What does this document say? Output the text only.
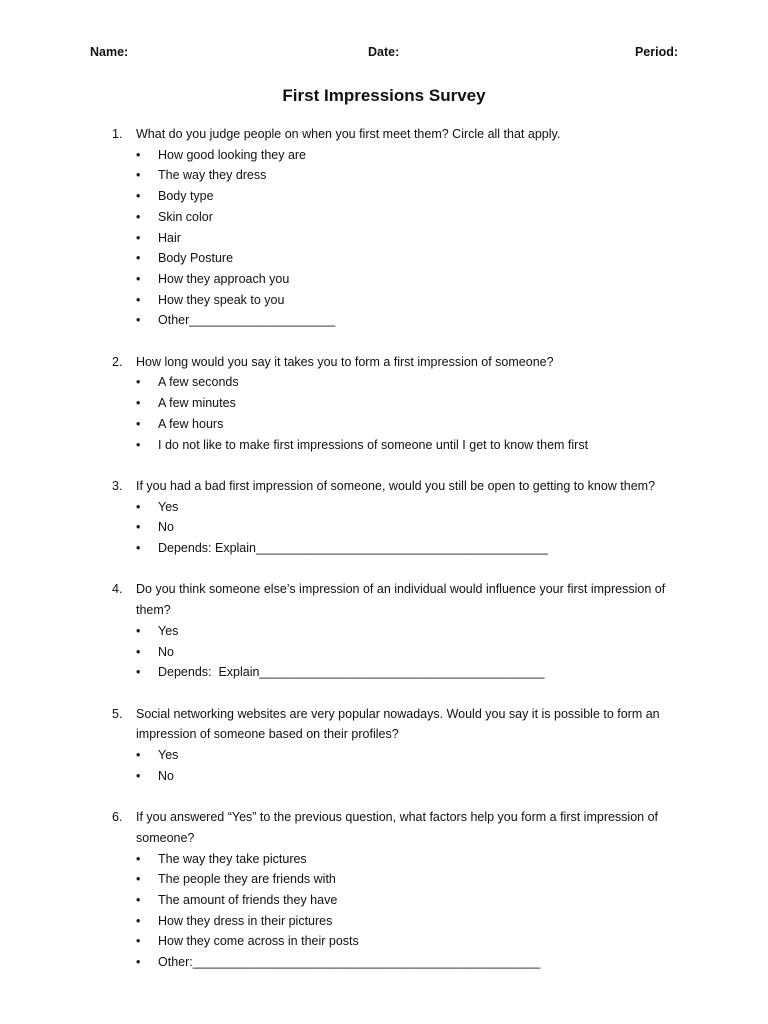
Name:	Date:	Period:
First Impressions Survey
1. What do you judge people on when you first meet them? Circle all that apply.
• How good looking they are
• The way they dress
• Body type
• Skin color
• Hair
• Body Posture
• How they approach you
• How they speak to you
• Other_____________________
2. How long would you say it takes you to form a first impression of someone?
• A few seconds
• A few minutes
• A few hours
• I do not like to make first impressions of someone until I get to know them first
3. If you had a bad first impression of someone, would you still be open to getting to know them?
• Yes
• No
• Depends: Explain__________________________________________
4. Do you think someone else’s impression of an individual would influence your first impression of them?
• Yes
• No
• Depends:  Explain_________________________________________
5. Social networking websites are very popular nowadays. Would you say it is possible to form an impression of someone based on their profiles?
• Yes
• No
6. If you answered “Yes” to the previous question, what factors help you form a first impression of someone?
• The way they take pictures
• The people they are friends with
• The amount of friends they have
• How they dress in their pictures
• How they come across in their posts
• Other:__________________________________________________
